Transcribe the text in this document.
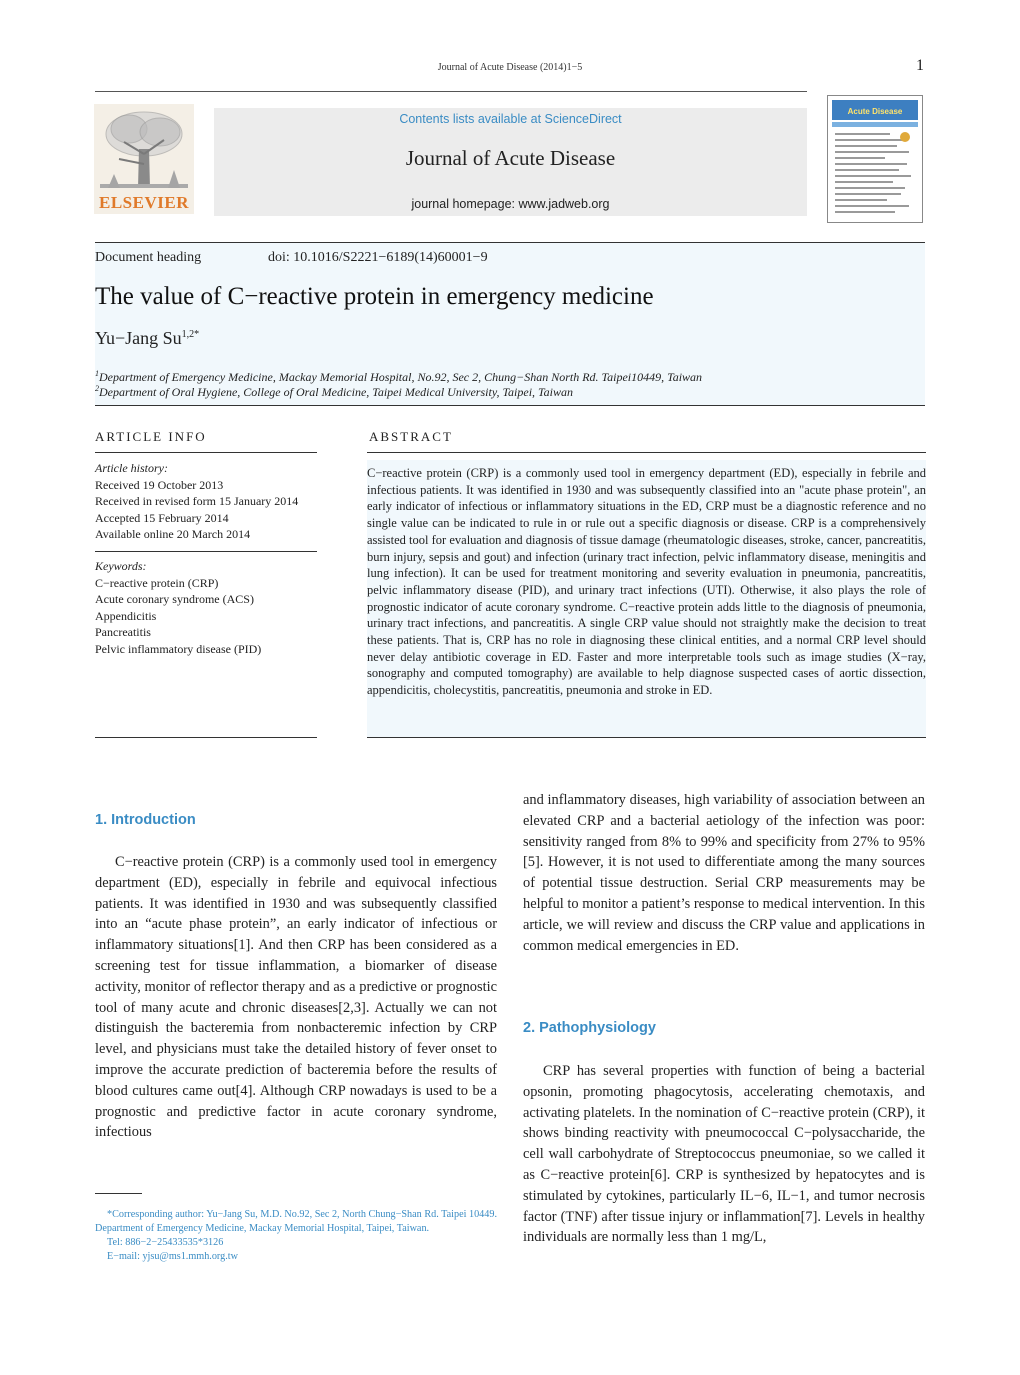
Journal of Acute Disease (2014)1−5	1
ELSEVIER
Contents lists available at ScienceDirect
Journal of Acute Disease
journal homepage: www.jadweb.org
Acute Disease
Document heading	doi: 10.1016/S2221−6189(14)60001−9
The value of C−reactive protein in emergency medicine
Yu−Jang $Su^{1,2*}$
$^1$Department of Emergency Medicine, Mackay Memorial Hospital, No.92, Sec 2, Chung−Shan North Rd. Taipei10449, Taiwan
$^2$Department of Oral Hygiene, College of Oral Medicine, Taipei Medical University, Taipei, Taiwan
ARTICLE INFO
Article history:
Received 19 October 2013
Received in revised form 15 January 2014
Accepted 15 February 2014
Available online 20 March 2014
Keywords:
C−reactive protein (CRP)
Acute coronary syndrome (ACS)
Appendicitis
Pancreatitis
Pelvic inflammatory disease (PID)
ABSTRACT
C−reactive protein (CRP) is a commonly used tool in emergency department (ED), especially in febrile and infectious patients. It was identified in 1930 and was subsequently classified into an "acute phase protein", an early indicator of infectious or inflammatory situations in the ED, CRP must be a diagnostic reference and no single value can be indicated to rule in or rule out a specific diagnosis or disease. CRP is a comprehensively assisted tool for evaluation and diagnosis of tissue damage (rheumatologic diseases, stroke, cancer, pancreatitis, burn injury, sepsis and gout) and infection (urinary tract infection, pelvic inflammatory disease, meningitis and lung infection). It can be used for treatment monitoring and severity evaluation in pneumonia, pancreatitis, pelvic inflammatory disease (PID), and urinary tract infections (UTI). Otherwise, it also plays the role of prognostic indicator of acute coronary syndrome. C−reactive protein adds little to the diagnosis of pneumonia, urinary tract infections, and pancreatitis. A single CRP value should not straightly make the decision to treat these patients. That is, CRP has no role in diagnosing these clinical entities, and a normal CRP level should never delay antibiotic coverage in ED. Faster and more interpretable tools such as image studies (X−ray, sonography and computed tomography) are available to help diagnose suspected cases of aortic dissection, appendicitis, cholecystitis, pancreatitis, pneumonia and stroke in ED.
1. Introduction

C−reactive protein (CRP) is a commonly used tool in emergency department (ED), especially in febrile and equivocal infectious patients. It was identified in 1930 and was subsequently classified into an “acute phase protein”, an early indicator of infectious or inflammatory situations[1]. And then CRP has been considered as a screening test for tissue inflammation, a biomarker of disease activity, monitor of reflector therapy and as a predictive or prognostic tool of many acute and chronic diseases[2,3]. Actually we can not distinguish the bacteremia from nonbacteremic infection by CRP level, and physicians must take the detailed history of fever onset to improve the accurate prediction of bacteremia before the results of blood cultures came out[4]. Although CRP nowadays is used to be a prognostic and predictive factor in acute coronary syndrome, infectious

*Corresponding author: Yu−Jang Su, M.D. No.92, Sec 2, North Chung−Shan Rd. Taipei 10449. Department of Emergency Medicine, Mackay Memorial Hospital, Taipei, Taiwan.
Tel: 886−2−25433535*3126
E−mail: yjsu@ms1.mmh.org.tw

and inflammatory diseases, high variability of association between an elevated CRP and a bacterial aetiology of the infection was poor: sensitivity ranged from 8% to 99% and specificity from 27% to 95%[5]. However, it is not used to differentiate among the many sources of potential tissue destruction. Serial CRP measurements may be helpful to monitor a patient’s response to medical intervention. In this article, we will review and discuss the CRP value and applications in common medical emergencies in ED.

2. Pathophysiology

CRP has several properties with function of being a bacterial opsonin, promoting phagocytosis, accelerating chemotaxis, and activating platelets. In the nomination of C−reactive protein (CRP), it shows binding reactivity with pneumococcal C−polysaccharide, the cell wall carbohydrate of Streptococcus pneumoniae, so we called it as C−reactive protein[6]. CRP is synthesized by hepatocytes and is stimulated by cytokines, particularly IL−6, IL−1, and tumor necrosis factor (TNF) after tissue injury or inflammation[7]. Levels in healthy individuals are normally less than 1 mg/L,
